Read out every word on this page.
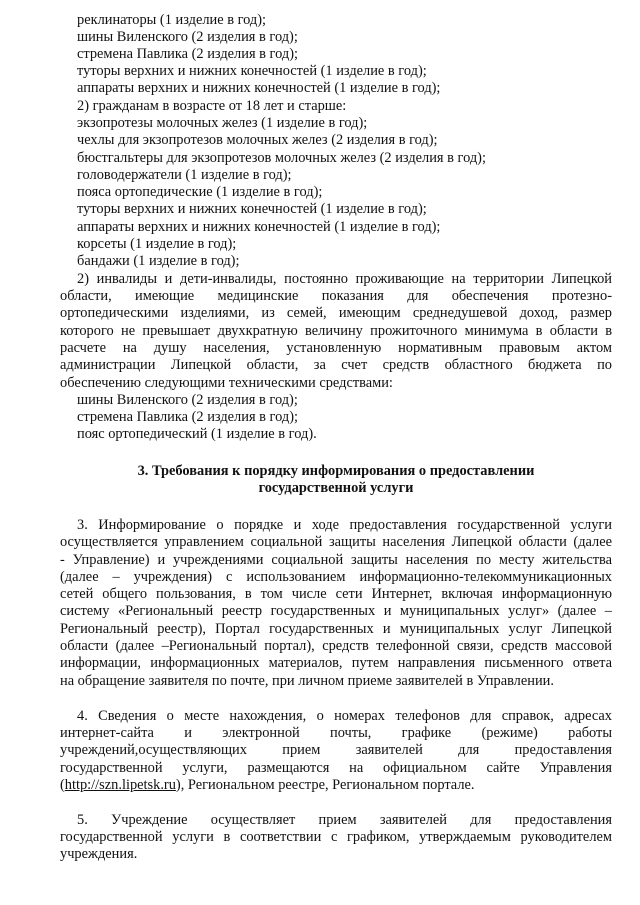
реклинаторы (1 изделие в год);
шины Виленского (2 изделия в год);
стремена Павлика (2 изделия в год);
туторы верхних и нижних конечностей (1 изделие в год);
аппараты верхних и нижних конечностей (1 изделие в год);
2) гражданам в возрасте от 18 лет и старше:
экзопротезы молочных желез (1 изделие в год);
чехлы для экзопротезов молочных желез (2 изделия в год);
бюстгальтеры для экзопротезов молочных желез (2 изделия в год);
головодержатели (1 изделие в год);
пояса ортопедические (1 изделие в год);
туторы верхних и нижних конечностей (1 изделие в год);
аппараты верхних и нижних конечностей (1 изделие в год);
корсеты (1 изделие в год);
бандажи (1 изделие в год);
2) инвалиды и дети-инвалиды, постоянно проживающие на территории Липецкой
области, имеющие медицинские показания для обеспечения протезно-
ортопедическими изделиями, из семей, имеющим среднедушевой доход, размер
которого не превышает двухкратную величину прожиточного минимума в области в
расчете на душу населения, установленную нормативным правовым актом
администрации Липецкой области, за счет средств областного бюджета по
обеспечению следующими техническими средствами:
шины Виленского (2 изделия в год);
стремена Павлика (2 изделия в год);
пояс ортопедический (1 изделие в год).
3. Требования к порядку информирования о предоставлении
государственной услуги
3. Информирование о порядке и ходе предоставления государственной услуги
осуществляется управлением социальной защиты населения Липецкой области (далее
- Управление) и учреждениями социальной защиты населения по месту жительства
(далее – учреждения) с использованием информационно-телекоммуникационных
сетей общего пользования, в том числе сети Интернет, включая информационную
систему «Региональный реестр государственных и муниципальных услуг» (далее –
Региональный реестр), Портал государственных и муниципальных услуг Липецкой
области (далее –Региональный портал), средств телефонной связи, средств массовой
информации, информационных материалов, путем направления письменного ответа
на обращение заявителя по почте, при личном приеме заявителей в Управлении.
4. Сведения о месте нахождения, о номерах телефонов для справок, адресах
интернет-сайта и электронной почты, графике (режиме) работы
учреждений,осуществляющих прием заявителей для предоставления
государственной услуги, размещаются на официальном сайте Управления
(http://szn.lipetsk.ru), Региональном реестре, Региональном портале.
5. Учреждение осуществляет прием заявителей для предоставления
государственной услуги в соответствии с графиком, утверждаемым руководителем
учреждения.
